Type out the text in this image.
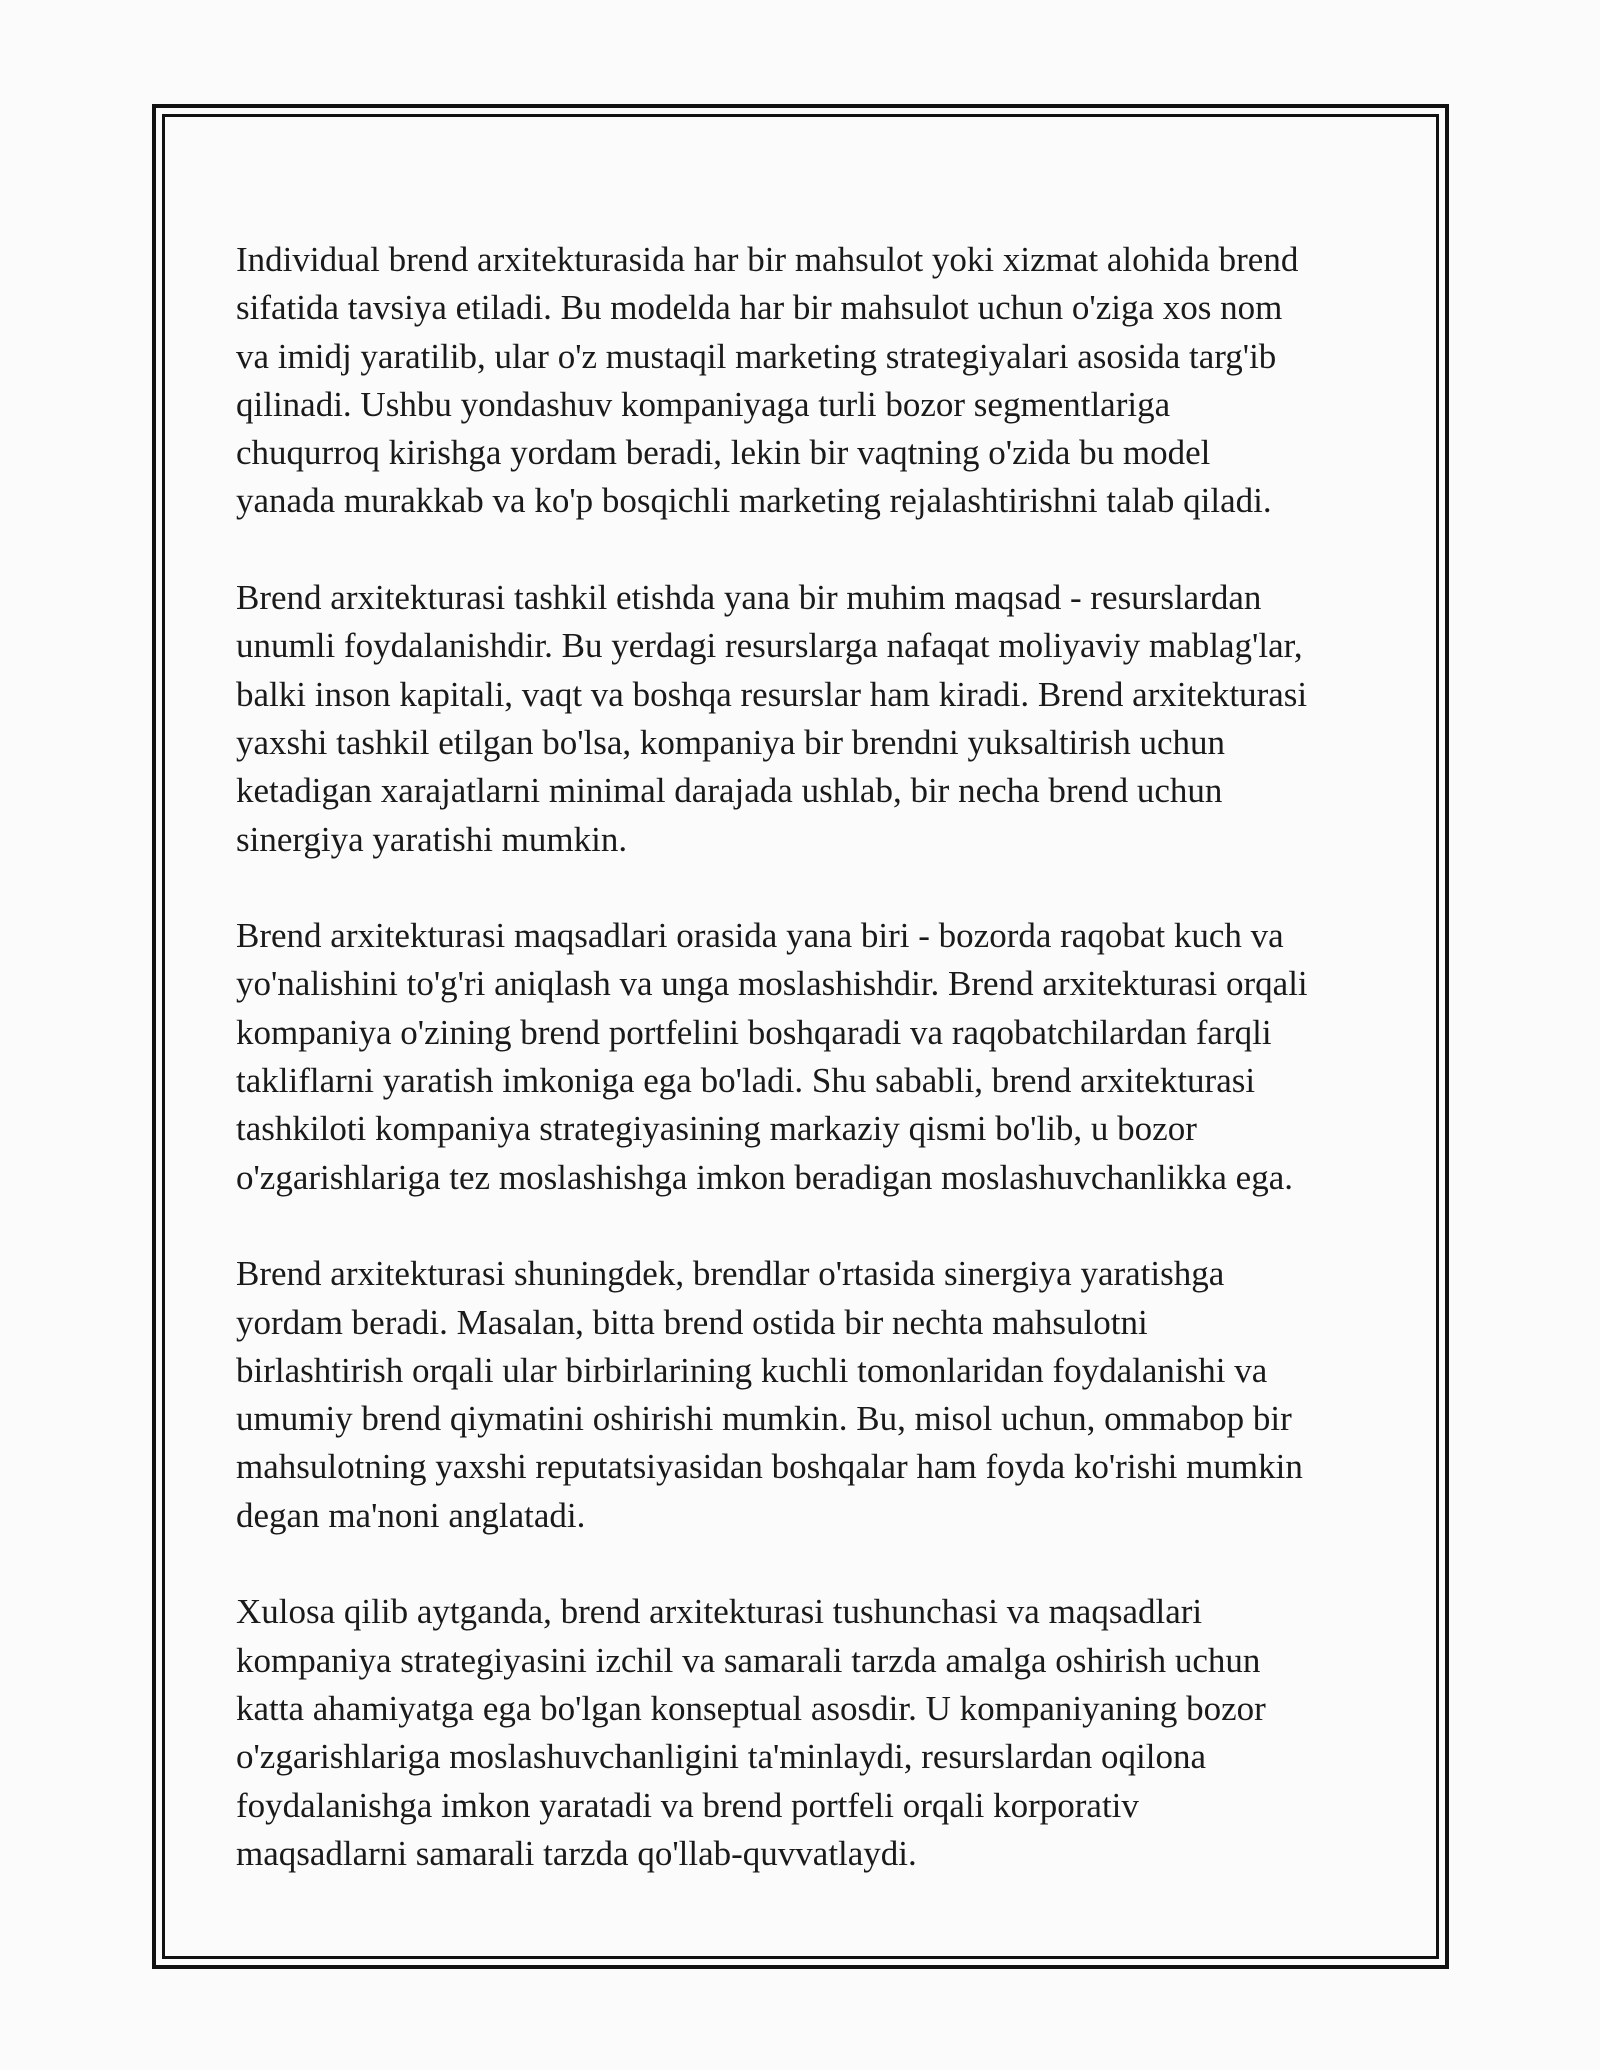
Individual brend arxitekturasida har bir mahsulot yoki xizmat alohida brend
sifatida tavsiya etiladi. Bu modelda har bir mahsulot uchun o'ziga xos nom
va imidj yaratilib, ular o'z mustaqil marketing strategiyalari asosida targ'ib
qilinadi. Ushbu yondashuv kompaniyaga turli bozor segmentlariga
chuqurroq kirishga yordam beradi, lekin bir vaqtning o'zida bu model
yanada murakkab va ko'p bosqichli marketing rejalashtirishni talab qiladi.

Brend arxitekturasi tashkil etishda yana bir muhim maqsad - resurslardan
unumli foydalanishdir. Bu yerdagi resurslarga nafaqat moliyaviy mablag'lar,
balki inson kapitali, vaqt va boshqa resurslar ham kiradi. Brend arxitekturasi
yaxshi tashkil etilgan bo'lsa, kompaniya bir brendni yuksaltirish uchun
ketadigan xarajatlarni minimal darajada ushlab, bir necha brend uchun
sinergiya yaratishi mumkin.

Brend arxitekturasi maqsadlari orasida yana biri - bozorda raqobat kuch va
yo'nalishini to'g'ri aniqlash va unga moslashishdir. Brend arxitekturasi orqali
kompaniya o'zining brend portfelini boshqaradi va raqobatchilardan farqli
takliflarni yaratish imkoniga ega bo'ladi. Shu sababli, brend arxitekturasi
tashkiloti kompaniya strategiyasining markaziy qismi bo'lib, u bozor
o'zgarishlariga tez moslashishga imkon beradigan moslashuvchanlikka ega.

Brend arxitekturasi shuningdek, brendlar o'rtasida sinergiya yaratishga
yordam beradi. Masalan, bitta brend ostida bir nechta mahsulotni
birlashtirish orqali ular birbirlarining kuchli tomonlaridan foydalanishi va
umumiy brend qiymatini oshirishi mumkin. Bu, misol uchun, ommabop bir
mahsulotning yaxshi reputatsiyasidan boshqalar ham foyda ko'rishi mumkin
degan ma'noni anglatadi.

Xulosa qilib aytganda, brend arxitekturasi tushunchasi va maqsadlari
kompaniya strategiyasini izchil va samarali tarzda amalga oshirish uchun
katta ahamiyatga ega bo'lgan konseptual asosdir. U kompaniyaning bozor
o'zgarishlariga moslashuvchanligini ta'minlaydi, resurslardan oqilona
foydalanishga imkon yaratadi va brend portfeli orqali korporativ
maqsadlarni samarali tarzda qo'llab-quvvatlaydi.
